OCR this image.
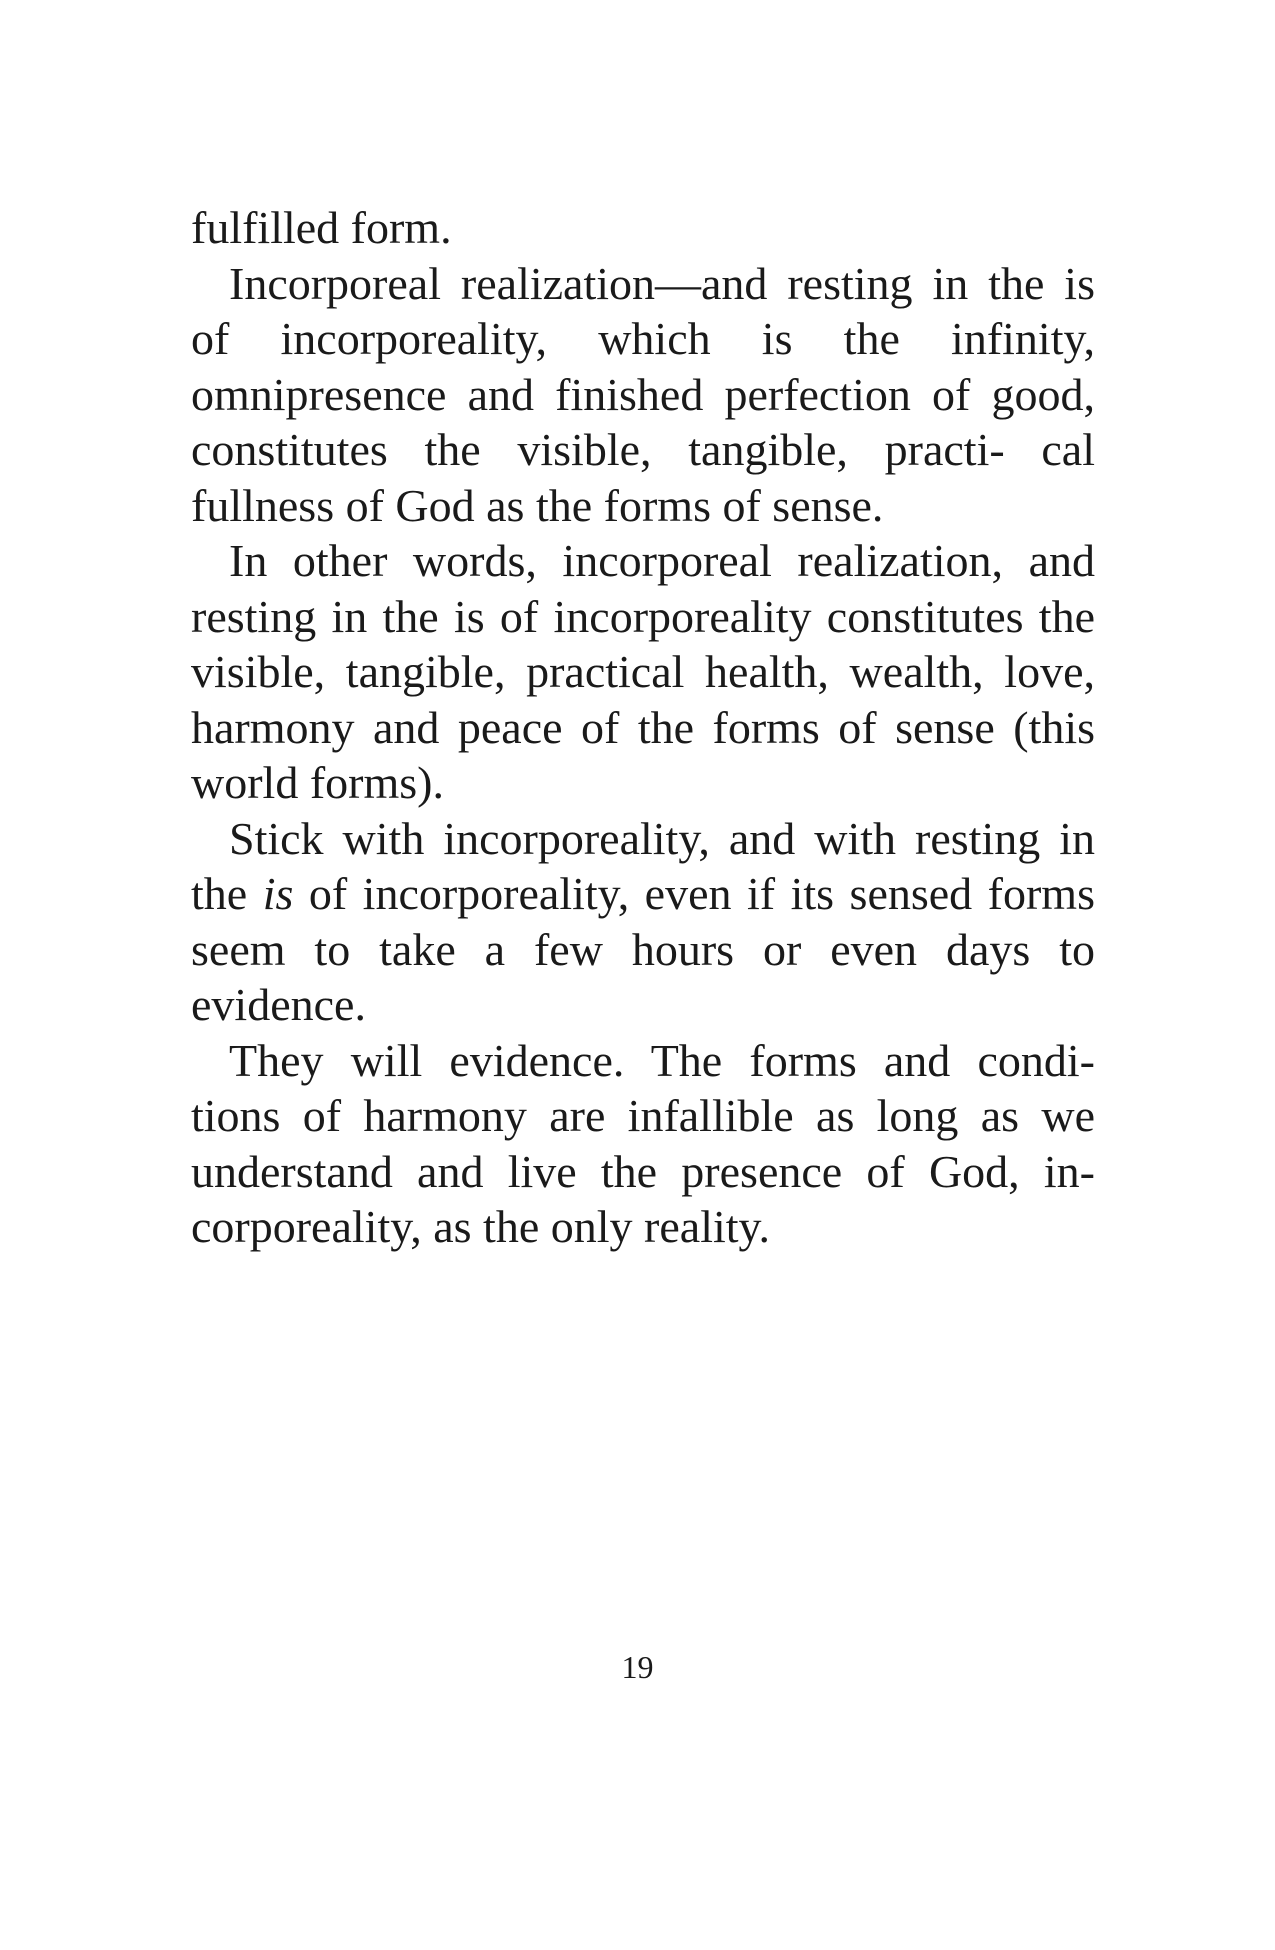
fulfilled form.

Incorporeal realization—and resting in the is of incorporeality, which is the infinity, omnipresence and finished perfection of good, constitutes the visible, tangible, practi- cal fullness of God as the forms of sense.

In other words, incorporeal realization, and resting in the is of incorporeality constitutes the visible, tangible, practical health, wealth, love, harmony and peace of the forms of sense (this world forms).

Stick with incorporeality, and with resting in the is of incorporeality, even if its sensed forms seem to take a few hours or even days to evidence.

They will evidence. The forms and condi- tions of harmony are infallible as long as we understand and live the presence of God, in- corporeality, as the only reality.

19
